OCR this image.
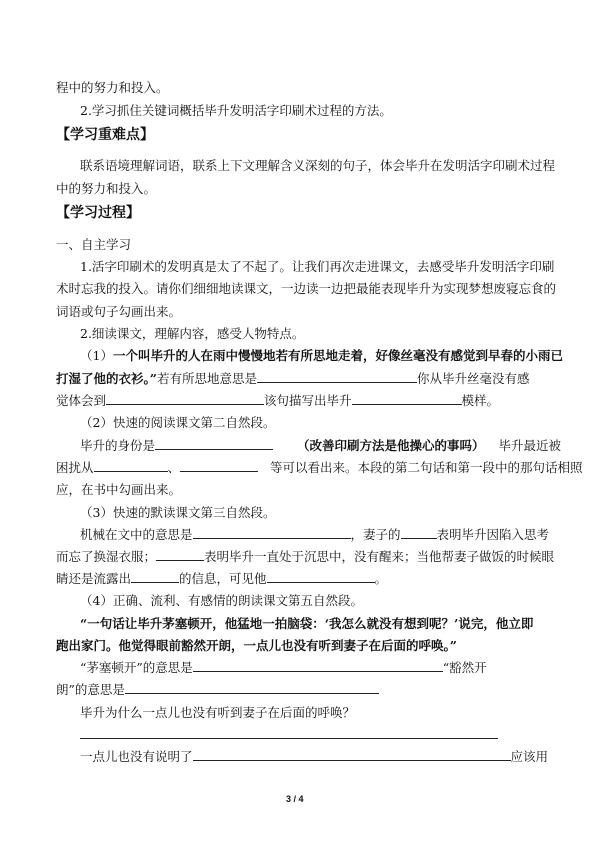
程中的努力和投入。
2.学习抓住关键词概括毕升发明活字印刷术过程的方法。
【学习重难点】
联系语境理解词语，联系上下文理解含义深刻的句子，体会毕升在发明活字印刷术过程
中的努力和投入。
【学习过程】
一、自主学习
1.活字印刷术的发明真是太了不起了。让我们再次走进课文，去感受毕升发明活字印刷
术时忘我的投入。请你们细细地读课文，一边读一边把最能表现毕升为实现梦想废寝忘食的
词语或句子勾画出来。
2.细读课文，理解内容，感受人物特点。
（1）一个叫毕升的人在雨中慢慢地若有所思地走着，好像丝毫没有感觉到早春的小雨已
打湿了他的衣衫。”若有所思地意思是	你从毕升丝毫没有感
觉体会到	该句描写出毕升	模样。
（2）快速的阅读课文第二自然段。
毕升的身份是	（改善印刷方法是他操心的事吗） 毕升最近被
困扰从	、	等可以看出来。本段的第二句话和第一段中的那句话相照
应，在书中勾画出来。
（3）快速的默读课文第三自然段。
机械在文中的意思是	，妻子的	表明毕升因陷入思考
而忘了换湿衣服；	表明毕升一直处于沉思中，没有醒来；当他帮妻子做饭的时候眼
睛还是流露出	的信息，可见他	。
（4）正确、流利、有感情的朗读课文第五自然段。
“一句话让毕升茅塞顿开，他猛地一拍脑袋：‘我怎么就没有想到呢？’说完，他立即
跑出家门。他觉得眼前豁然开朗，一点儿也没有听到妻子在后面的呼唤。”
“茅塞顿开”的意思是	“豁然开
朗”的意思是
毕升为什么一点儿也没有听到妻子在后面的呼唤？
一点儿也没有说明了	应该用
3 / 4
